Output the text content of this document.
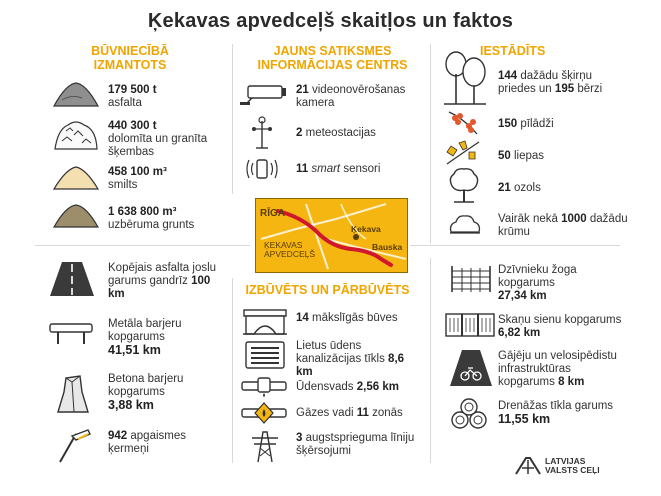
Ķekavas apvedceļš skaitļos un faktos
BŪVNIECĪBĀ IZMANTOTS
JAUNS SATIKSMES INFORMĀCIJAS CENTRS
IESTĀDĪTS
IZBŪVĒTS UN PĀRBŪVĒTS
179 500 t
asfalta
440 300 t
dolomīta un granīta šķembas
458 100 m³
smilts
1 638 800 m³
uzbēruma grunts
21 videonovērošanas kamera
2 meteostacijas
11 smart sensori
RĪGA
Ķekava
Bauska
ĶEKAVAS
APVEDCEĻŠ
144 dažādu šķirņu priedes un 195 bērzi
150 pīlādži
50 liepas
21 ozols
Vairāk nekā 1000 dažādu krūmu
Kopējais asfalta joslu garums gandrīz 100 km
Metāla barjeru kopgarums
41,51 km
Betona barjeru kopgarums
3,88 km
942 apgaismes ķermeņi
14 mākslīgās būves
Lietus ūdens kanalizācijas tīkls 8,6 km
Ūdensvads 2,56 km
Gāzes vadi 11 zonās
3 augstsprieguma līniju šķērsojumi
Dzīvnieku žoga kopgarums
27,34 km
Skaņu sienu kopgarums 6,82 km
Gājēju un velosipēdistu infrastruktūras kopgarums 8 km
Drenāžas tīkla garums 11,55 km
LATVIJAS
VALSTS CEĻI
